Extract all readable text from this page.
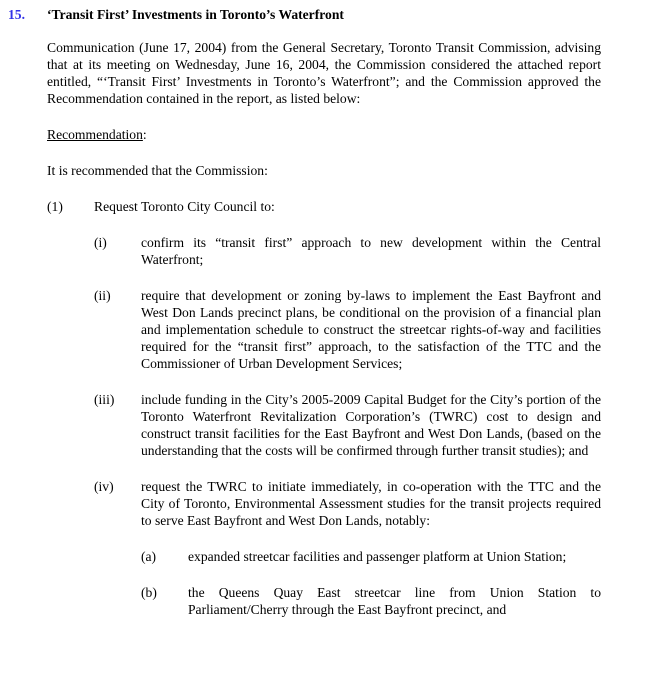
15.	‘Transit First’ Investments in Toronto’s Waterfront

Communication (June 17, 2004) from the General Secretary, Toronto Transit Commission, advising that at its meeting on Wednesday, June 16, 2004, the Commission considered the attached report entitled, “‘Transit First’ Investments in Toronto’s Waterfront”; and the Commission approved the Recommendation contained in the report, as listed below:

Recommendation:

It is recommended that the Commission:

(1)	Request Toronto City Council to:

(i)	confirm its “transit first” approach to new development within the Central Waterfront;

(ii)	require that development or zoning by-laws to implement the East Bayfront and West Don Lands precinct plans, be conditional on the provision of a financial plan and implementation schedule to construct the streetcar rights-of-way and facilities required for the “transit first” approach, to the satisfaction of the TTC and the Commissioner of Urban Development Services;

(iii)	include funding in the City’s 2005-2009 Capital Budget for the City’s portion of the Toronto Waterfront Revitalization Corporation’s (TWRC) cost to design and construct transit facilities for the East Bayfront and West Don Lands, (based on the understanding that the costs will be confirmed through further transit studies); and

(iv)	request the TWRC to initiate immediately, in co-operation with the TTC and the City of Toronto, Environmental Assessment studies for the transit projects required to serve East Bayfront and West Don Lands, notably:

(a)	expanded streetcar facilities and passenger platform at Union Station;

(b)	the Queens Quay East streetcar line from Union Station to Parliament/Cherry through the East Bayfront precinct, and
